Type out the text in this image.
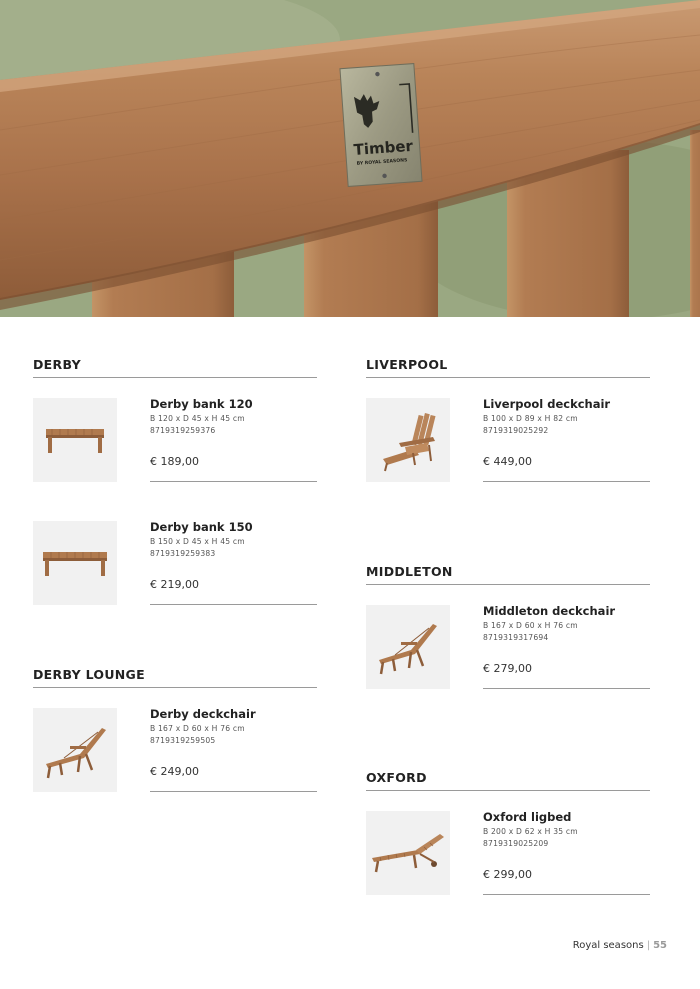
Timber
BY ROYAL SEASONS
DERBY
Derby bank 120
B 120 x D 45 x H 45 cm
8719319259376
€ 189,00
Derby bank 150
B 150 x D 45 x H 45 cm
8719319259383
€ 219,00
DERBY LOUNGE
Derby deckchair
B 167 x D 60 x H 76 cm
8719319259505
€ 249,00
LIVERPOOL
Liverpool deckchair
B 100 x D 89 x H 82 cm
8719319025292
€ 449,00
MIDDLETON
Middleton deckchair
B 167 x D 60 x H 76 cm
8719319317694
€ 279,00
OXFORD
Oxford ligbed
B 200 x D 62 x H 35 cm
8719319025209
€ 299,00
Royal seasons | 55
